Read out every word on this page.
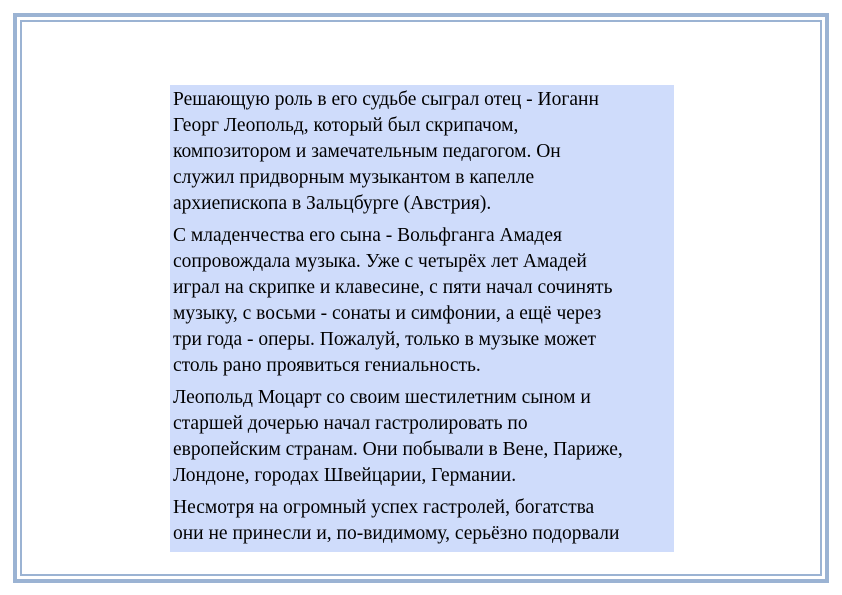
Решающую роль в его судьбе сыграл отец - Иоганн
Георг Леопольд, который был скрипачом,
композитором и замечательным педагогом. Он
служил придворным музыкантом в капелле
архиепископа в Зальцбурге (Австрия).

С младенчества его сына - Вольфганга Амадея
сопровождала музыка. Уже с четырёх лет Амадей
играл на скрипке и клавесине, с пяти начал сочинять
музыку, с восьми - сонаты и симфонии, а ещё через
три года - оперы. Пожалуй, только в музыке может
столь рано проявиться гениальность.

Леопольд Моцарт со своим шестилетним сыном и
старшей дочерью начал гастролировать по
европейским странам. Они побывали в Вене, Париже,
Лондоне, городах Швейцарии, Германии.

Несмотря на огромный успех гастролей, богатства
они не принесли и, по-видимому, серьёзно подорвали
